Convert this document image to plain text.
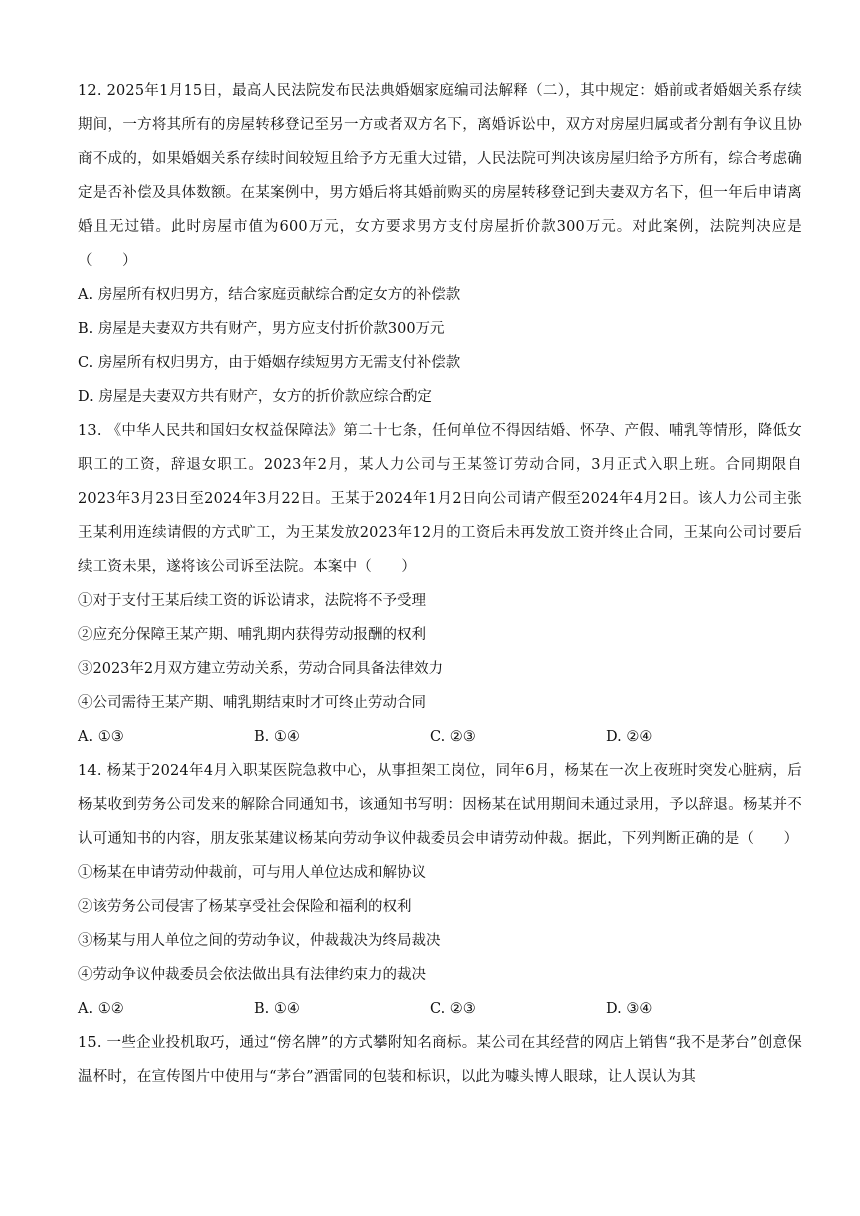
12. 2025年1月15日，最高人民法院发布民法典婚姻家庭编司法解释（二），其中规定：婚前或者婚姻关系存续期间，一方将其所有的房屋转移登记至另一方或者双方名下，离婚诉讼中，双方对房屋归属或者分割有争议且协商不成的，如果婚姻关系存续时间较短且给予方无重大过错，人民法院可判决该房屋归给予方所有，综合考虑确定是否补偿及具体数额。在某案例中，男方婚后将其婚前购买的房屋转移登记到夫妻双方名下，但一年后申请离婚且无过错。此时房屋市值为600万元，女方要求男方支付房屋折价款300万元。对此案例，法院判决应是（　　）

A. 房屋所有权归男方，结合家庭贡献综合酌定女方的补偿款

B. 房屋是夫妻双方共有财产，男方应支付折价款300万元

C. 房屋所有权归男方，由于婚姻存续短男方无需支付补偿款

D. 房屋是夫妻双方共有财产，女方的折价款应综合酌定

13. 《中华人民共和国妇女权益保障法》第二十七条，任何单位不得因结婚、怀孕、产假、哺乳等情形，降低女职工的工资，辞退女职工。2023年2月，某人力公司与王某签订劳动合同，3月正式入职上班。合同期限自2023年3月23日至2024年3月22日。王某于2024年1月2日向公司请产假至2024年4月2日。该人力公司主张王某利用连续请假的方式旷工，为王某发放2023年12月的工资后未再发放工资并终止合同，王某向公司讨要后续工资未果，遂将该公司诉至法院。本案中（　　）

①对于支付王某后续工资的诉讼请求，法院将不予受理

②应充分保障王某产期、哺乳期内获得劳动报酬的权利

③2023年2月双方建立劳动关系，劳动合同具备法律效力

④公司需待王某产期、哺乳期结束时才可终止劳动合同

A. ①③	B. ①④	C. ②③	D. ②④

14. 杨某于2024年4月入职某医院急救中心，从事担架工岗位，同年6月，杨某在一次上夜班时突发心脏病，后杨某收到劳务公司发来的解除合同通知书，该通知书写明：因杨某在试用期间未通过录用，予以辞退。杨某并不认可通知书的内容，朋友张某建议杨某向劳动争议仲裁委员会申请劳动仲裁。据此，下列判断正确的是（　　）

①杨某在申请劳动仲裁前，可与用人单位达成和解协议

②该劳务公司侵害了杨某享受社会保险和福利的权利

③杨某与用人单位之间的劳动争议，仲裁裁决为终局裁决

④劳动争议仲裁委员会依法做出具有法律约束力的裁决

A. ①②	B. ①④	C. ②③	D. ③④

15. 一些企业投机取巧，通过“傍名牌”的方式攀附知名商标。某公司在其经营的网店上销售“我不是茅台”创意保温杯时，在宣传图片中使用与“茅台”酒雷同的包装和标识，以此为噱头博人眼球，让人误认为其
